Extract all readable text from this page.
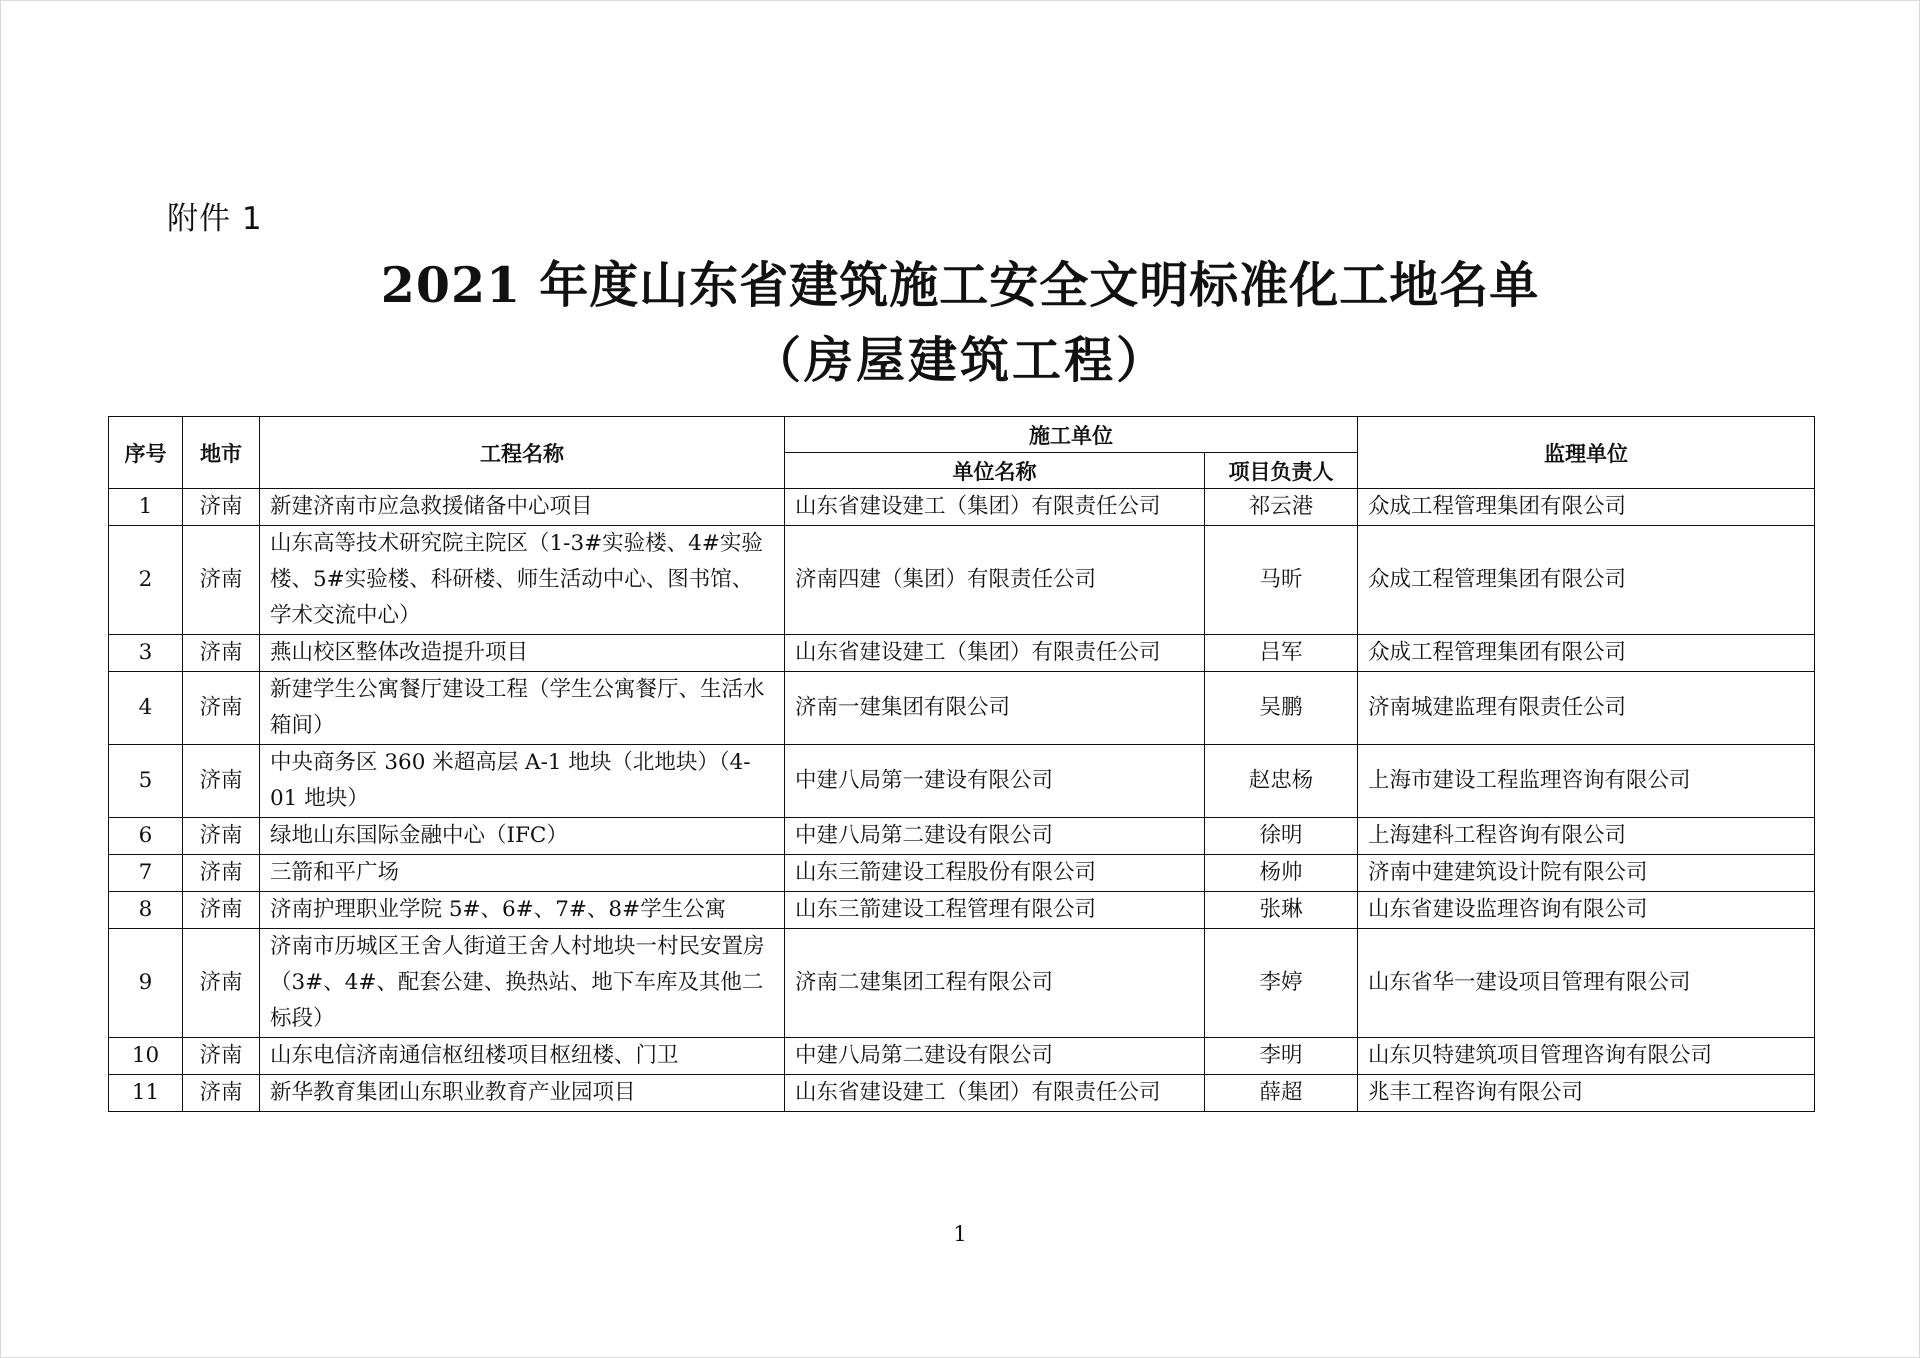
附件 1
2021 年度山东省建筑施工安全文明标准化工地名单
（房屋建筑工程）
序号	地市	工程名称	施工单位		监理单位
			单位名称	项目负责人	
1	济南	新建济南市应急救援储备中心项目	山东省建设建工（集团）有限责任公司	祁云港	众成工程管理集团有限公司
2	济南	山东高等技术研究院主院区（1-3#实验楼、4#实验楼、5#实验楼、科研楼、师生活动中心、图书馆、学术交流中心）	济南四建（集团）有限责任公司	马昕	众成工程管理集团有限公司
3	济南	燕山校区整体改造提升项目	山东省建设建工（集团）有限责任公司	吕军	众成工程管理集团有限公司
4	济南	新建学生公寓餐厅建设工程（学生公寓餐厅、生活水箱间）	济南一建集团有限公司	吴鹏	济南城建监理有限责任公司
5	济南	中央商务区 360 米超高层 A-1 地块（北地块）（4-01 地块）	中建八局第一建设有限公司	赵忠杨	上海市建设工程监理咨询有限公司
6	济南	绿地山东国际金融中心（IFC）	中建八局第二建设有限公司	徐明	上海建科工程咨询有限公司
7	济南	三箭和平广场	山东三箭建设工程股份有限公司	杨帅	济南中建建筑设计院有限公司
8	济南	济南护理职业学院 5#、6#、7#、8#学生公寓	山东三箭建设工程管理有限公司	张琳	山东省建设监理咨询有限公司
9	济南	济南市历城区王舍人街道王舍人村地块一村民安置房（3#、4#、配套公建、换热站、地下车库及其他二标段）	济南二建集团工程有限公司	李婷	山东省华一建设项目管理有限公司
10	济南	山东电信济南通信枢纽楼项目枢纽楼、门卫	中建八局第二建设有限公司	李明	山东贝特建筑项目管理咨询有限公司
11	济南	新华教育集团山东职业教育产业园项目	山东省建设建工（集团）有限责任公司	薛超	兆丰工程咨询有限公司
1
